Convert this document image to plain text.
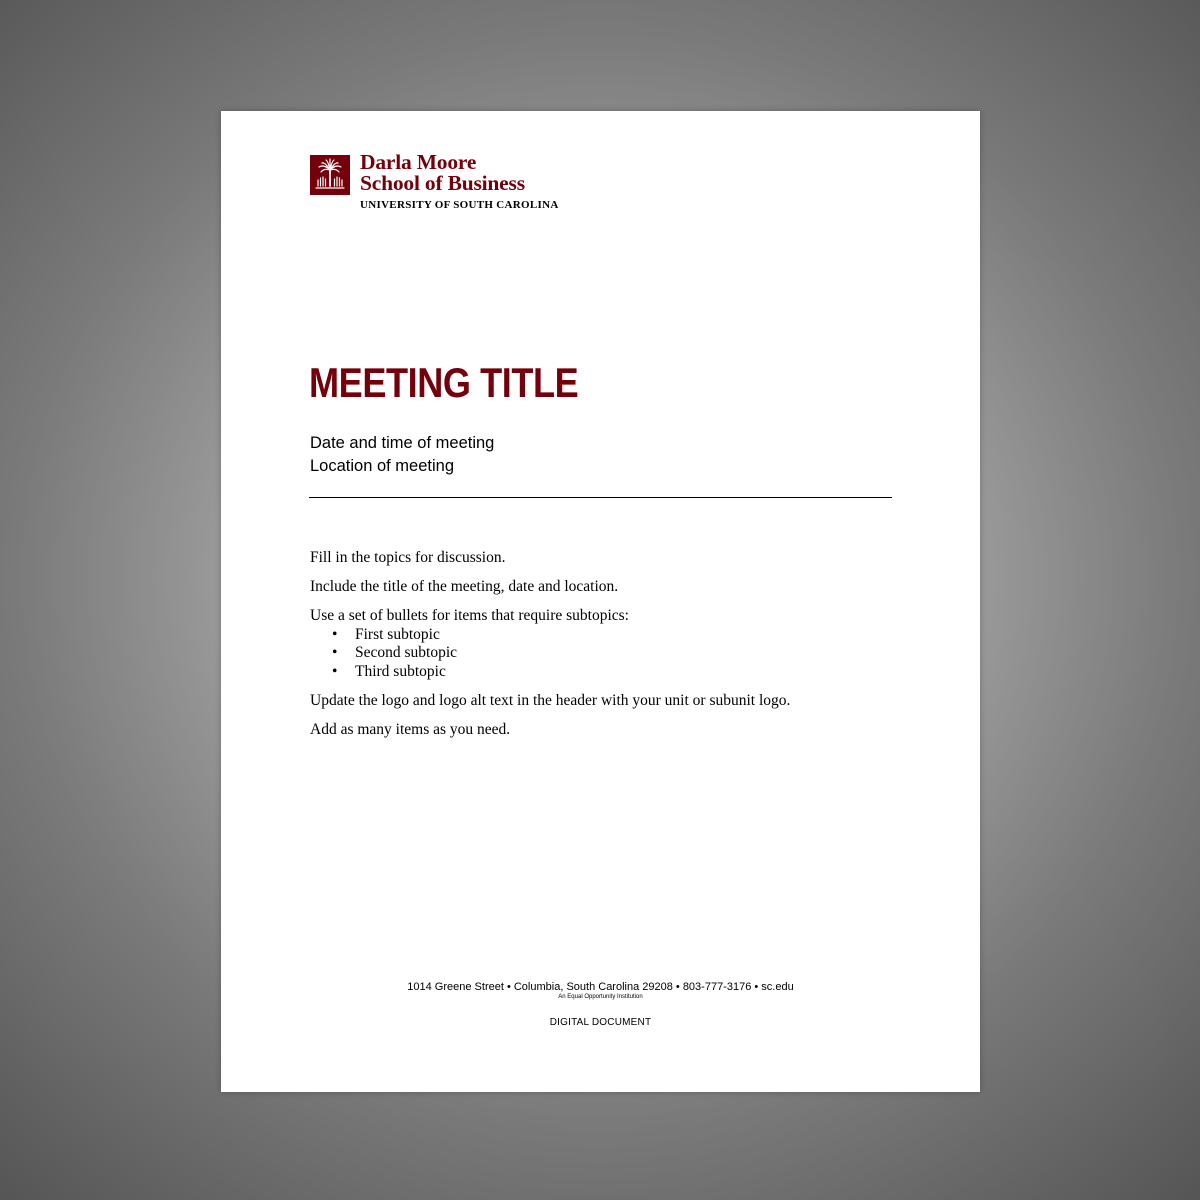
Darla Moore
School of Business
UNIVERSITY OF SOUTH CAROLINA
MEETING TITLE
Date and time of meeting
Location of meeting

Fill in the topics for discussion.

Include the title of the meeting, date and location.

Use a set of bullets for items that require subtopics:

• First subtopic
• Second subtopic
• Third subtopic

Update the logo and logo alt text in the header with your unit or subunit logo.

Add as many items as you need.

1014 Greene Street • Columbia, South Carolina 29208 • 803-777-3176 • sc.edu
An Equal Opportunity Institution
DIGITAL DOCUMENT
